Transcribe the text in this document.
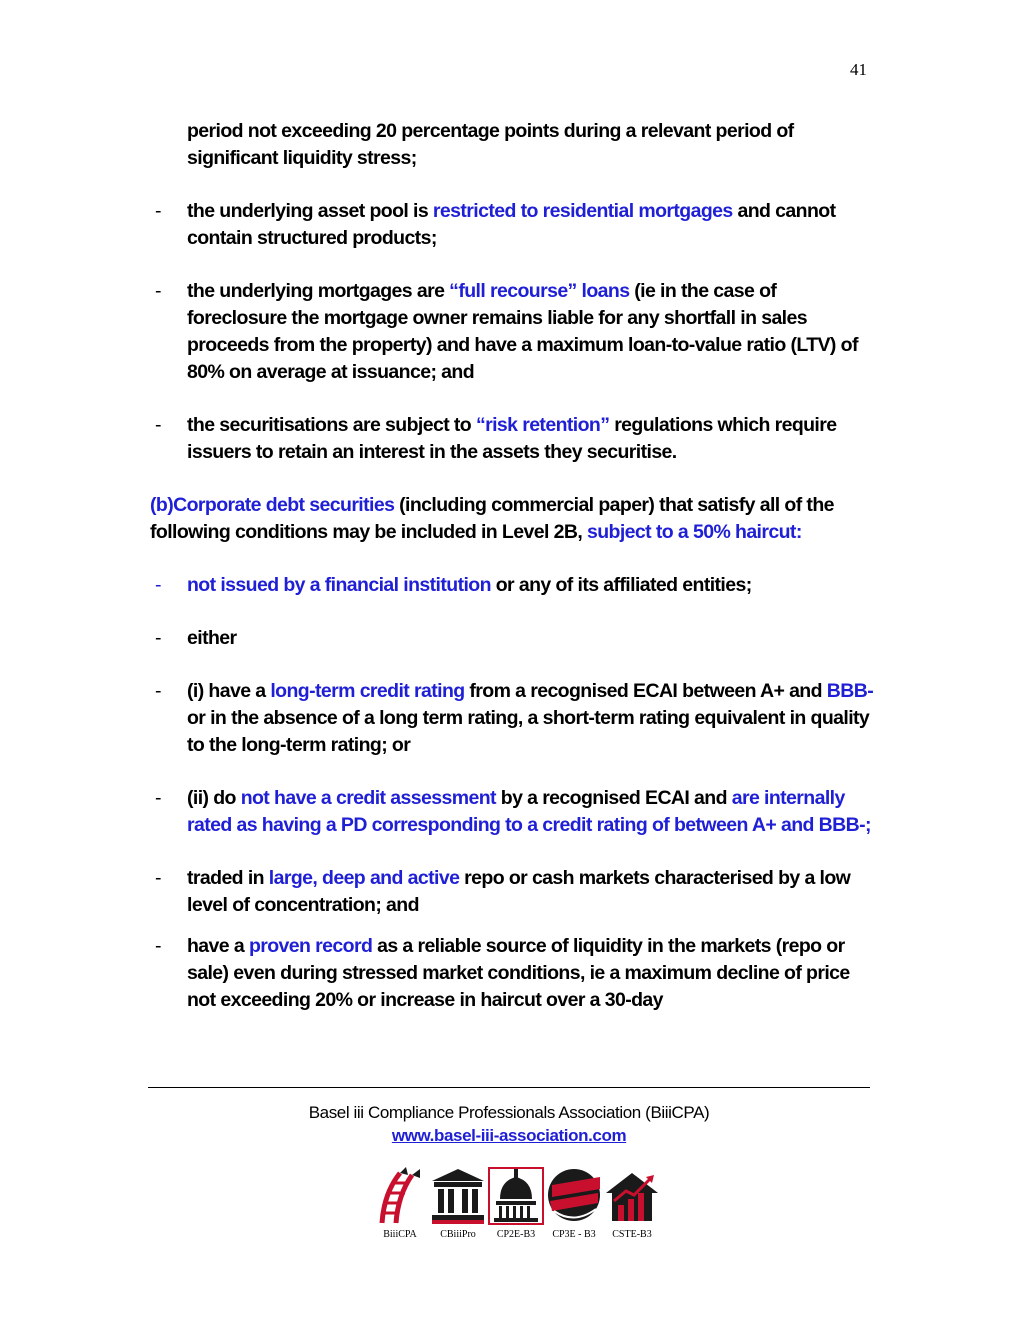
41
period not exceeding 20 percentage points during a relevant period of significant liquidity stress;
- the underlying asset pool is restricted to residential mortgages and cannot contain structured products;
- the underlying mortgages are “full recourse” loans (ie in the case of foreclosure the mortgage owner remains liable for any shortfall in sales proceeds from the property) and have a maximum loan-to-value ratio (LTV) of 80% on average at issuance; and
- the securitisations are subject to “risk retention” regulations which require issuers to retain an interest in the assets they securitise.
(b)Corporate debt securities (including commercial paper) that satisfy all of the following conditions may be included in Level 2B, subject to a 50% haircut:
- not issued by a financial institution or any of its affiliated entities;
- either
- (i) have a long-term credit rating from a recognised ECAI between A+ and BBB- or in the absence of a long term rating, a short-term rating equivalent in quality to the long-term rating; or
- (ii) do not have a credit assessment by a recognised ECAI and are internally rated as having a PD corresponding to a credit rating of between A+ and BBB-;
- traded in large, deep and active repo or cash markets characterised by a low level of concentration; and
- have a proven record as a reliable source of liquidity in the markets (repo or sale) even during stressed market conditions, ie a maximum decline of price not exceeding 20% or increase in haircut over a 30-day
Basel iii Compliance Professionals Association (BiiiCPA)
www.basel-iii-association.com
BiiiCPA	CBiiiPro	CP2E-B3	CP3E - B3	CSTE-B3
